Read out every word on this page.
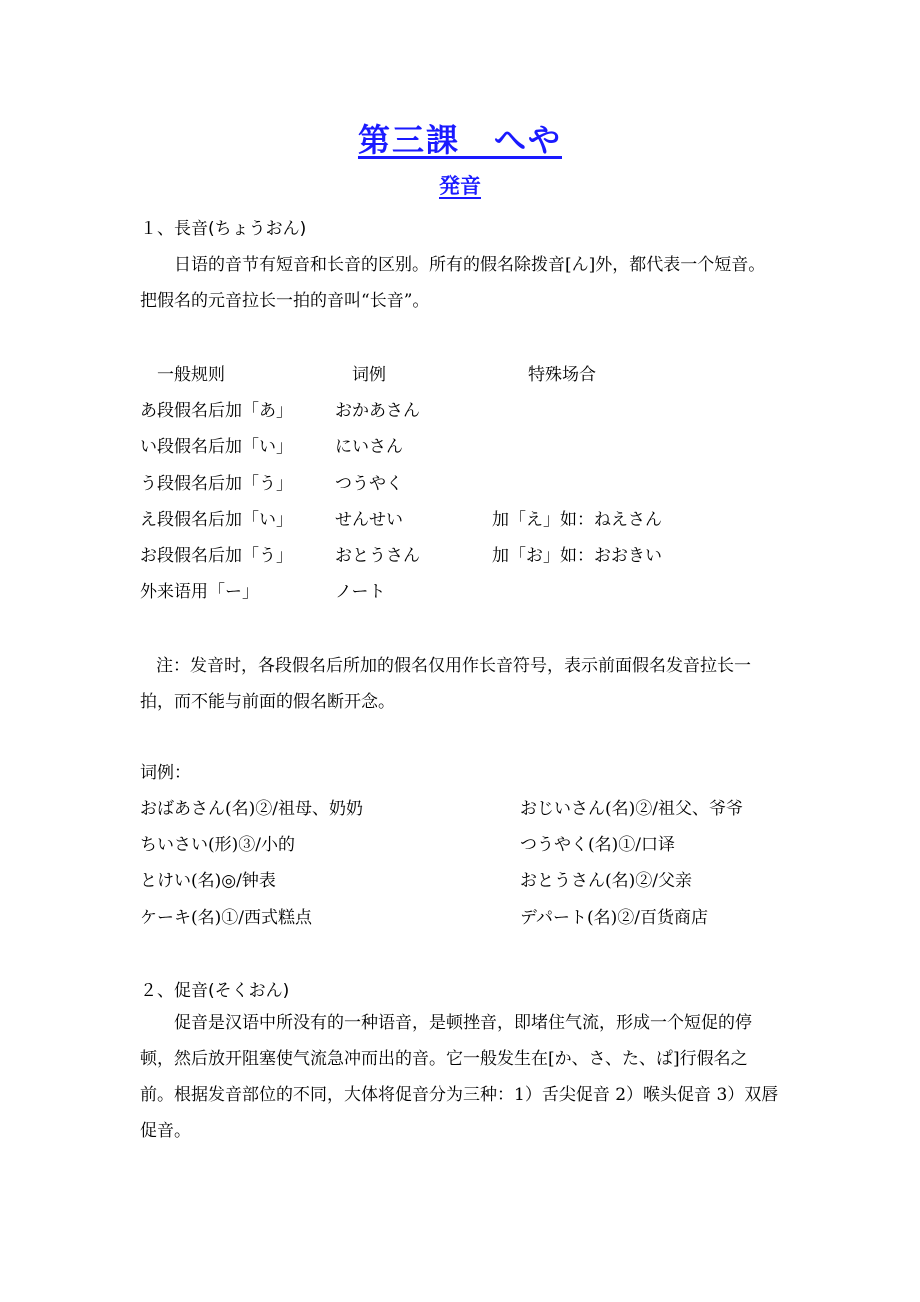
第三課　へや
発音
１、長音(ちょうおん)
日语的音节有短音和长音的区别。所有的假名除拨音[ん]外，都代表一个短音。把假名的元音拉长一拍的音叫“长音”。
一般规则	词例	特殊场合
あ段假名后加「あ」 おかあさん
い段假名后加「い」 にいさん
う段假名后加「う」 つうやく
え段假名后加「い」 せんせい	加「え」如：ねえさん
お段假名后加「う」 おとうさん	加「お」如：おおきい
外来语用「ー」	ノート
注：发音时，各段假名后所加的假名仅用作长音符号，表示前面假名发音拉长一拍，而不能与前面的假名断开念。
词例：
おばあさん(名)②/祖母、奶奶	おじいさん(名)②/祖父、爷爷
ちいさい(形)③/小的	つうやく(名)①/口译
とけい(名)◎/钟表	おとうさん(名)②/父亲
ケーキ(名)①/西式糕点	デパート(名)②/百货商店
２、促音(そくおん)
促音是汉语中所没有的一种语音，是顿挫音，即堵住气流，形成一个短促的停顿，然后放开阻塞使气流急冲而出的音。它一般发生在[か、さ、た、ぱ]行假名之前。根据发音部位的不同，大体将促音分为三种：1）舌尖促音 2）喉头促音 3）双唇促音。
